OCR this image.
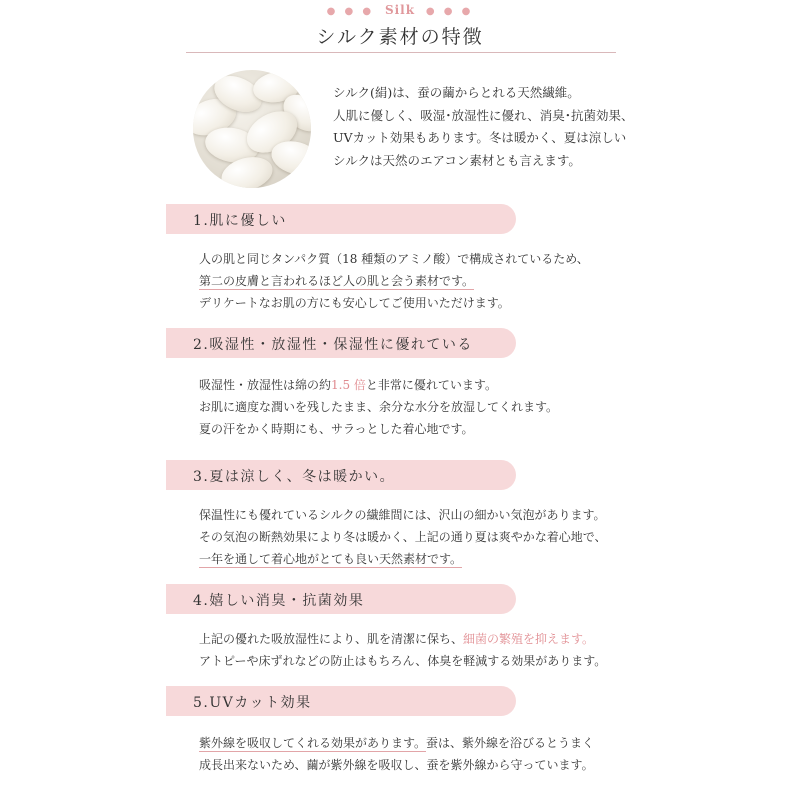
● ● ● Silk ● ● ●
シルク素材の特徴

シルク(絹)は、蚕の繭からとれる天然繊維。

人肌に優しく、吸湿･放湿性に優れ、消臭･抗菌効果、

UVカット効果もあります。冬は暖かく、夏は涼しい

シルクは天然のエアコン素材とも言えます。

1.肌に優しい

人の肌と同じタンパク質（18 種類のアミノ酸）で構成されているため、

第二の皮膚と言われるほど人の肌と会う素材です。

デリケートなお肌の方にも安心してご使用いただけます。

2.吸湿性・放湿性・保湿性に優れている

吸湿性・放湿性は綿の約1.5 倍と非常に優れています。

お肌に適度な潤いを残したまま、余分な水分を放湿してくれます。

夏の汗をかく時期にも、サラっとした着心地です。

3.夏は涼しく、冬は暖かい。

保温性にも優れているシルクの繊維間には、沢山の細かい気泡があります。

その気泡の断熱効果により冬は暖かく、上記の通り夏は爽やかな着心地で、

一年を通して着心地がとても良い天然素材です。

4.嬉しい消臭・抗菌効果

上記の優れた吸放湿性により、肌を清潔に保ち、細菌の繁殖を抑えます。

アトピーや床ずれなどの防止はもちろん、体臭を軽減する効果があります。

5.UVカット効果

紫外線を吸収してくれる効果があります。蚕は、紫外線を浴びるとうまく

成長出来ないため、繭が紫外線を吸収し、蚕を紫外線から守っています。
